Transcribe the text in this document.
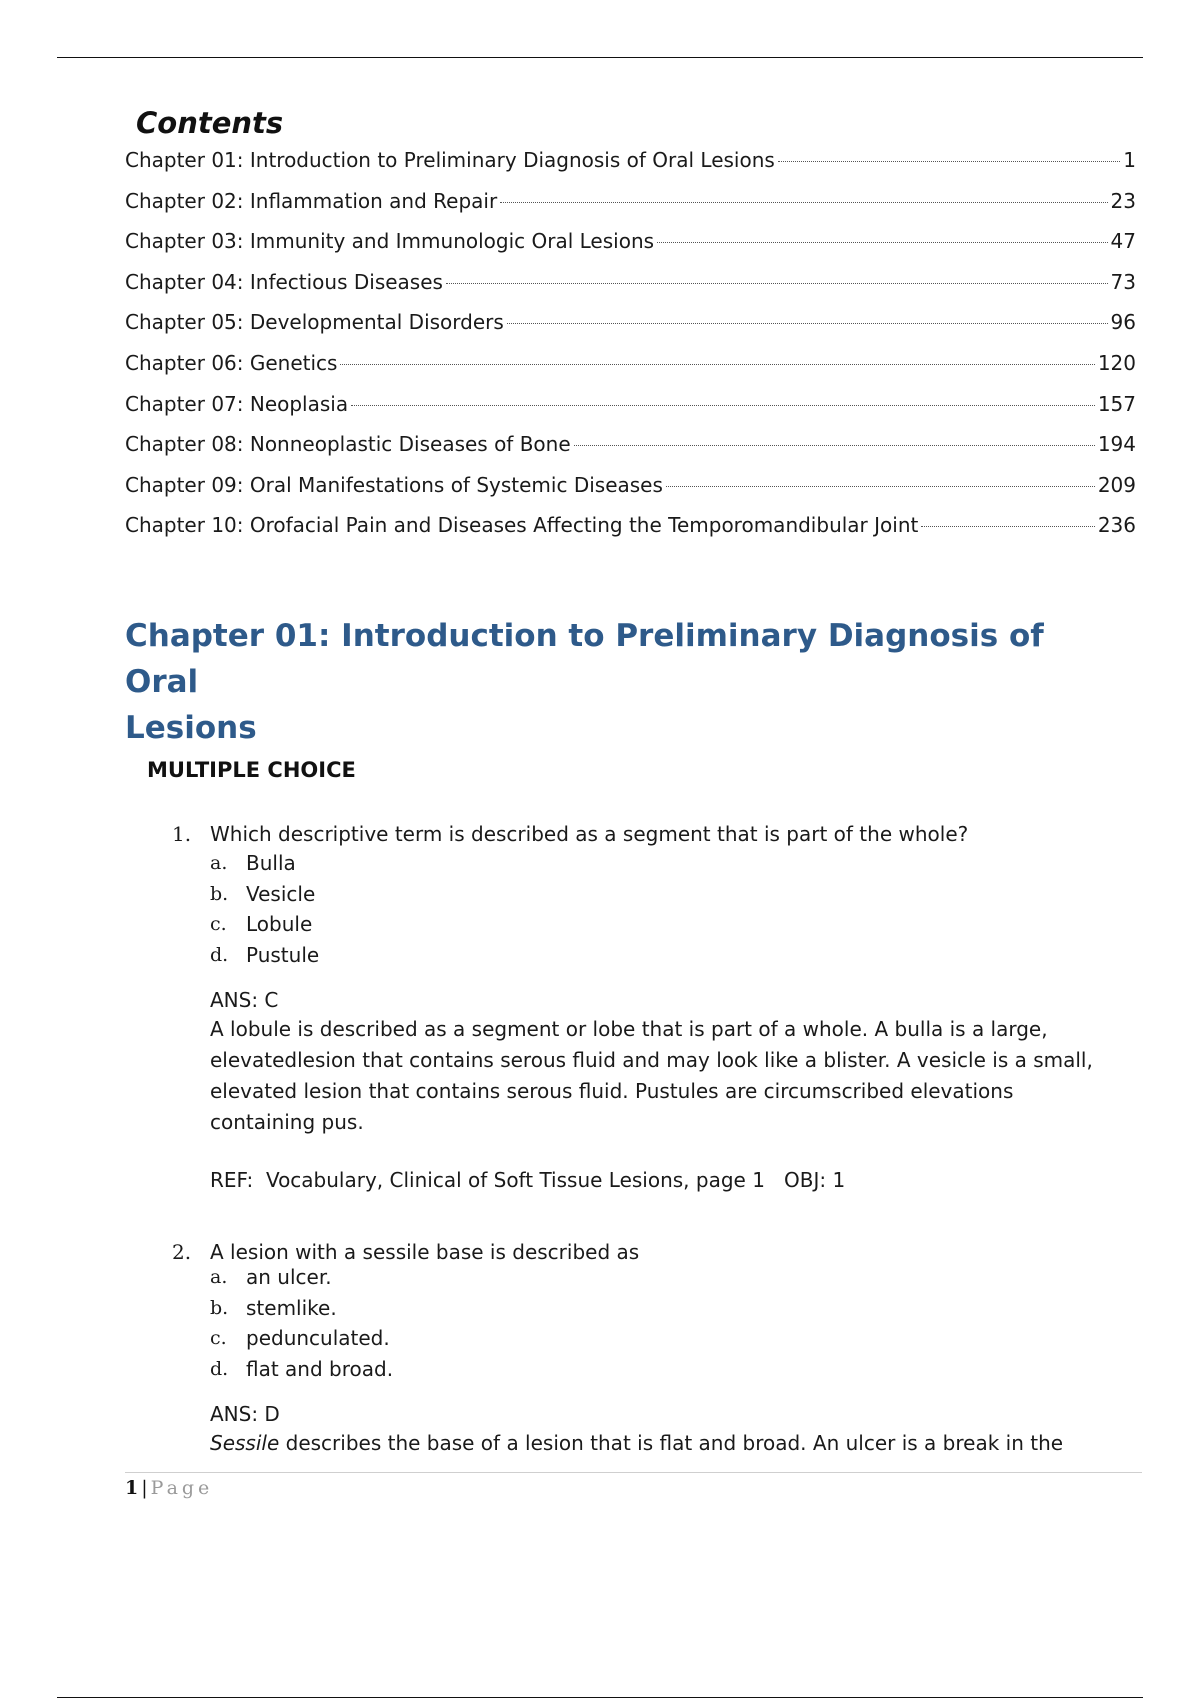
Contents
Chapter 01: Introduction to Preliminary Diagnosis of Oral Lesions	1
Chapter 02: Inflammation and Repair	23
Chapter 03: Immunity and Immunologic Oral Lesions	47
Chapter 04: Infectious Diseases	73
Chapter 05: Developmental Disorders	96
Chapter 06: Genetics	120
Chapter 07: Neoplasia	157
Chapter 08: Nonneoplastic Diseases of Bone	194
Chapter 09: Oral Manifestations of Systemic Diseases	209
Chapter 10: Orofacial Pain and Diseases Affecting the Temporomandibular Joint	236
Chapter 01: Introduction to Preliminary Diagnosis of Oral
Lesions
MULTIPLE CHOICE
1. Which descriptive term is described as a segment that is part of the whole?
a. Bulla
b. Vesicle
c. Lobule
d. Pustule
ANS: C
A lobule is described as a segment or lobe that is part of a whole. A bulla is a large,
elevatedlesion that contains serous fluid and may look like a blister. A vesicle is a small,
elevated lesion that contains serous fluid. Pustules are circumscribed elevations
containing pus.
REF:  Vocabulary, Clinical of Soft Tissue Lesions, page 1   OBJ: 1
2. A lesion with a sessile base is described as
a. an ulcer.
b. stemlike.
c. pedunculated.
d. flat and broad.
ANS: D
Sessile describes the base of a lesion that is flat and broad. An ulcer is a break in the
1 | Page
